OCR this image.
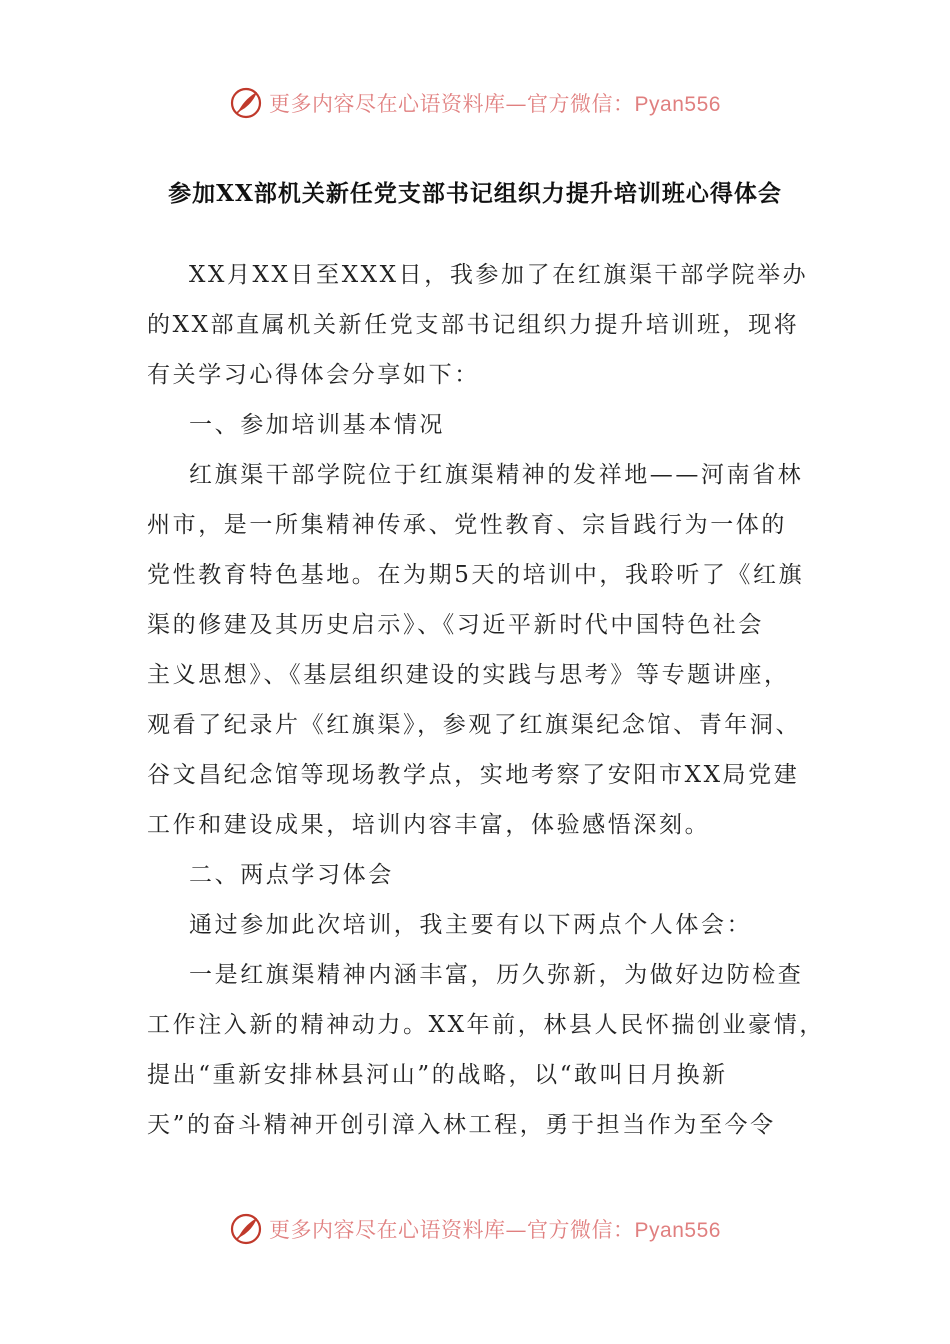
更多内容尽在心语资料库—官方微信：Pyan556
参加XX部机关新任党支部书记组织力提升培训班心得体会
XX月XX日至XXX日，我参加了在红旗渠干部学院举办
的XX部直属机关新任党支部书记组织力提升培训班，现将
有关学习心得体会分享如下：
一、参加培训基本情况
红旗渠干部学院位于红旗渠精神的发祥地——河南省林
州市，是一所集精神传承、党性教育、宗旨践行为一体的
党性教育特色基地。在为期5天的培训中，我聆听了《红旗
渠的修建及其历史启示》、《习近平新时代中国特色社会
主义思想》、《基层组织建设的实践与思考》等专题讲座，
观看了纪录片《红旗渠》，参观了红旗渠纪念馆、青年洞、
谷文昌纪念馆等现场教学点，实地考察了安阳市XX局党建
工作和建设成果，培训内容丰富，体验感悟深刻。
二、两点学习体会
通过参加此次培训，我主要有以下两点个人体会：
一是红旗渠精神内涵丰富，历久弥新，为做好边防检查
工作注入新的精神动力。XX年前，林县人民怀揣创业豪情，
提出“重新安排林县河山”的战略，以“敢叫日月换新
天”的奋斗精神开创引漳入林工程，勇于担当作为至今令
更多内容尽在心语资料库—官方微信：Pyan556
